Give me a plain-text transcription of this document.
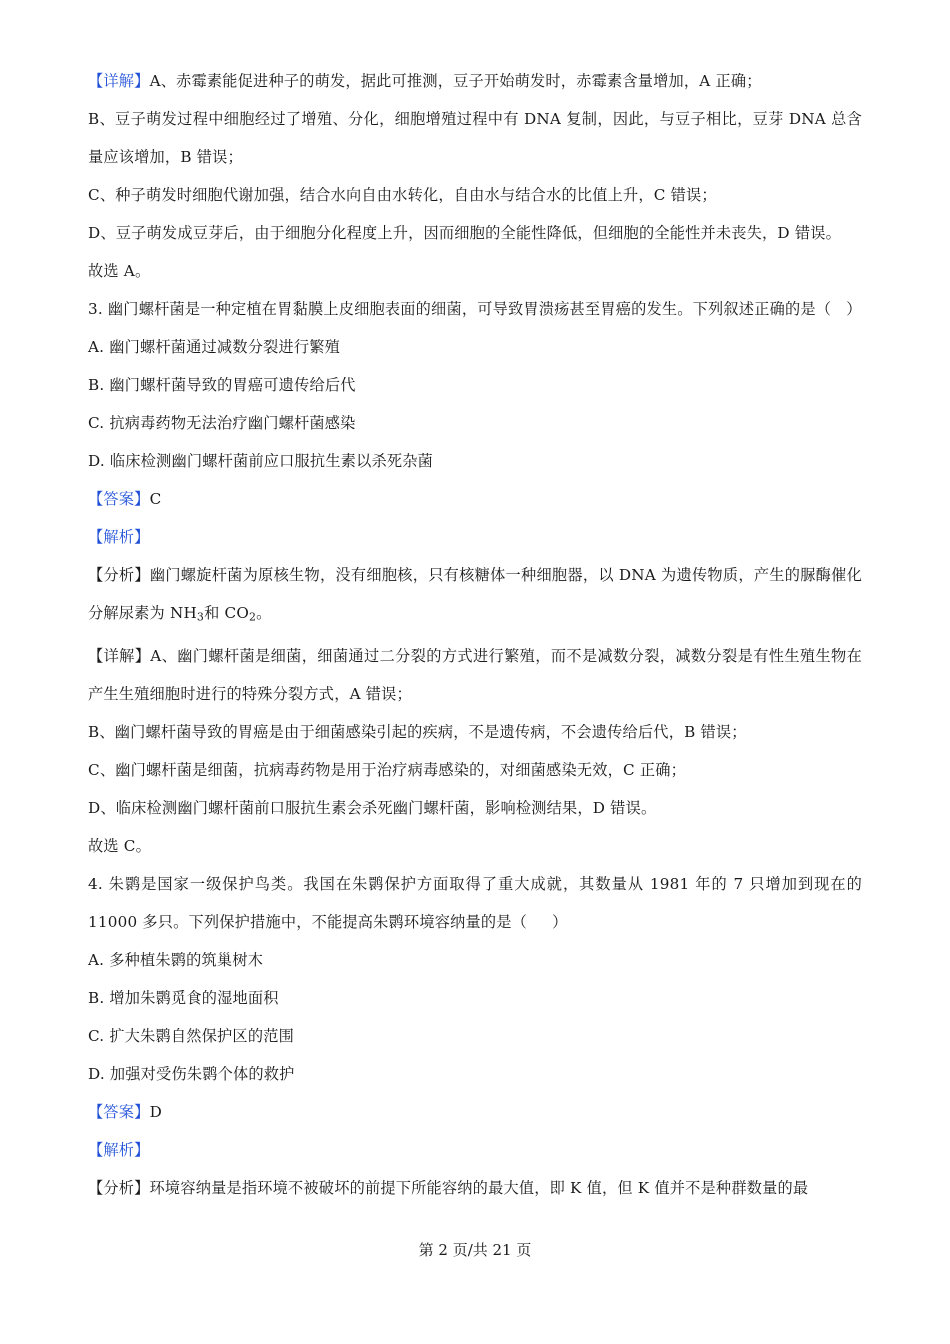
【详解】A、赤霉素能促进种子的萌发，据此可推测，豆子开始萌发时，赤霉素含量增加，A 正确；
B、豆子萌发过程中细胞经过了增殖、分化，细胞增殖过程中有 DNA 复制，因此，与豆子相比，豆芽 DNA 总含量应该增加，B 错误；
C、种子萌发时细胞代谢加强，结合水向自由水转化，自由水与结合水的比值上升，C 错误；
D、豆子萌发成豆芽后，由于细胞分化程度上升，因而细胞的全能性降低，但细胞的全能性并未丧失，D 错误。
故选 A。
3. 幽门螺杆菌是一种定植在胃黏膜上皮细胞表面的细菌，可导致胃溃疡甚至胃癌的发生。下列叙述正确的是（   ）
A. 幽门螺杆菌通过减数分裂进行繁殖
B. 幽门螺杆菌导致的胃癌可遗传给后代
C. 抗病毒药物无法治疗幽门螺杆菌感染
D. 临床检测幽门螺杆菌前应口服抗生素以杀死杂菌
【答案】C
【解析】
【分析】幽门螺旋杆菌为原核生物，没有细胞核，只有核糖体一种细胞器，以 DNA 为遗传物质，产生的脲酶催化分解尿素为 $NH_3$和 $CO_2$。
【详解】A、幽门螺杆菌是细菌，细菌通过二分裂的方式进行繁殖，而不是减数分裂，减数分裂是有性生殖生物在产生生殖细胞时进行的特殊分裂方式，A 错误；
B、幽门螺杆菌导致的胃癌是由于细菌感染引起的疾病，不是遗传病，不会遗传给后代，B 错误；
C、幽门螺杆菌是细菌，抗病毒药物是用于治疗病毒感染的，对细菌感染无效，C 正确；
D、临床检测幽门螺杆菌前口服抗生素会杀死幽门螺杆菌，影响检测结果，D 错误。
故选 C。
4. 朱鹮是国家一级保护鸟类。我国在朱鹮保护方面取得了重大成就，其数量从 1981 年的 7 只增加到现在的 11000 多只。下列保护措施中，不能提高朱鹮环境容纳量的是（     ）
A. 多种植朱鹮的筑巢树木
B. 增加朱鹮觅食的湿地面积
C. 扩大朱鹮自然保护区的范围
D. 加强对受伤朱鹮个体的救护
【答案】D
【解析】
【分析】环境容纳量是指环境不被破坏的前提下所能容纳的最大值，即 K 值，但 K 值并不是种群数量的最
第 2 页/共 21 页
